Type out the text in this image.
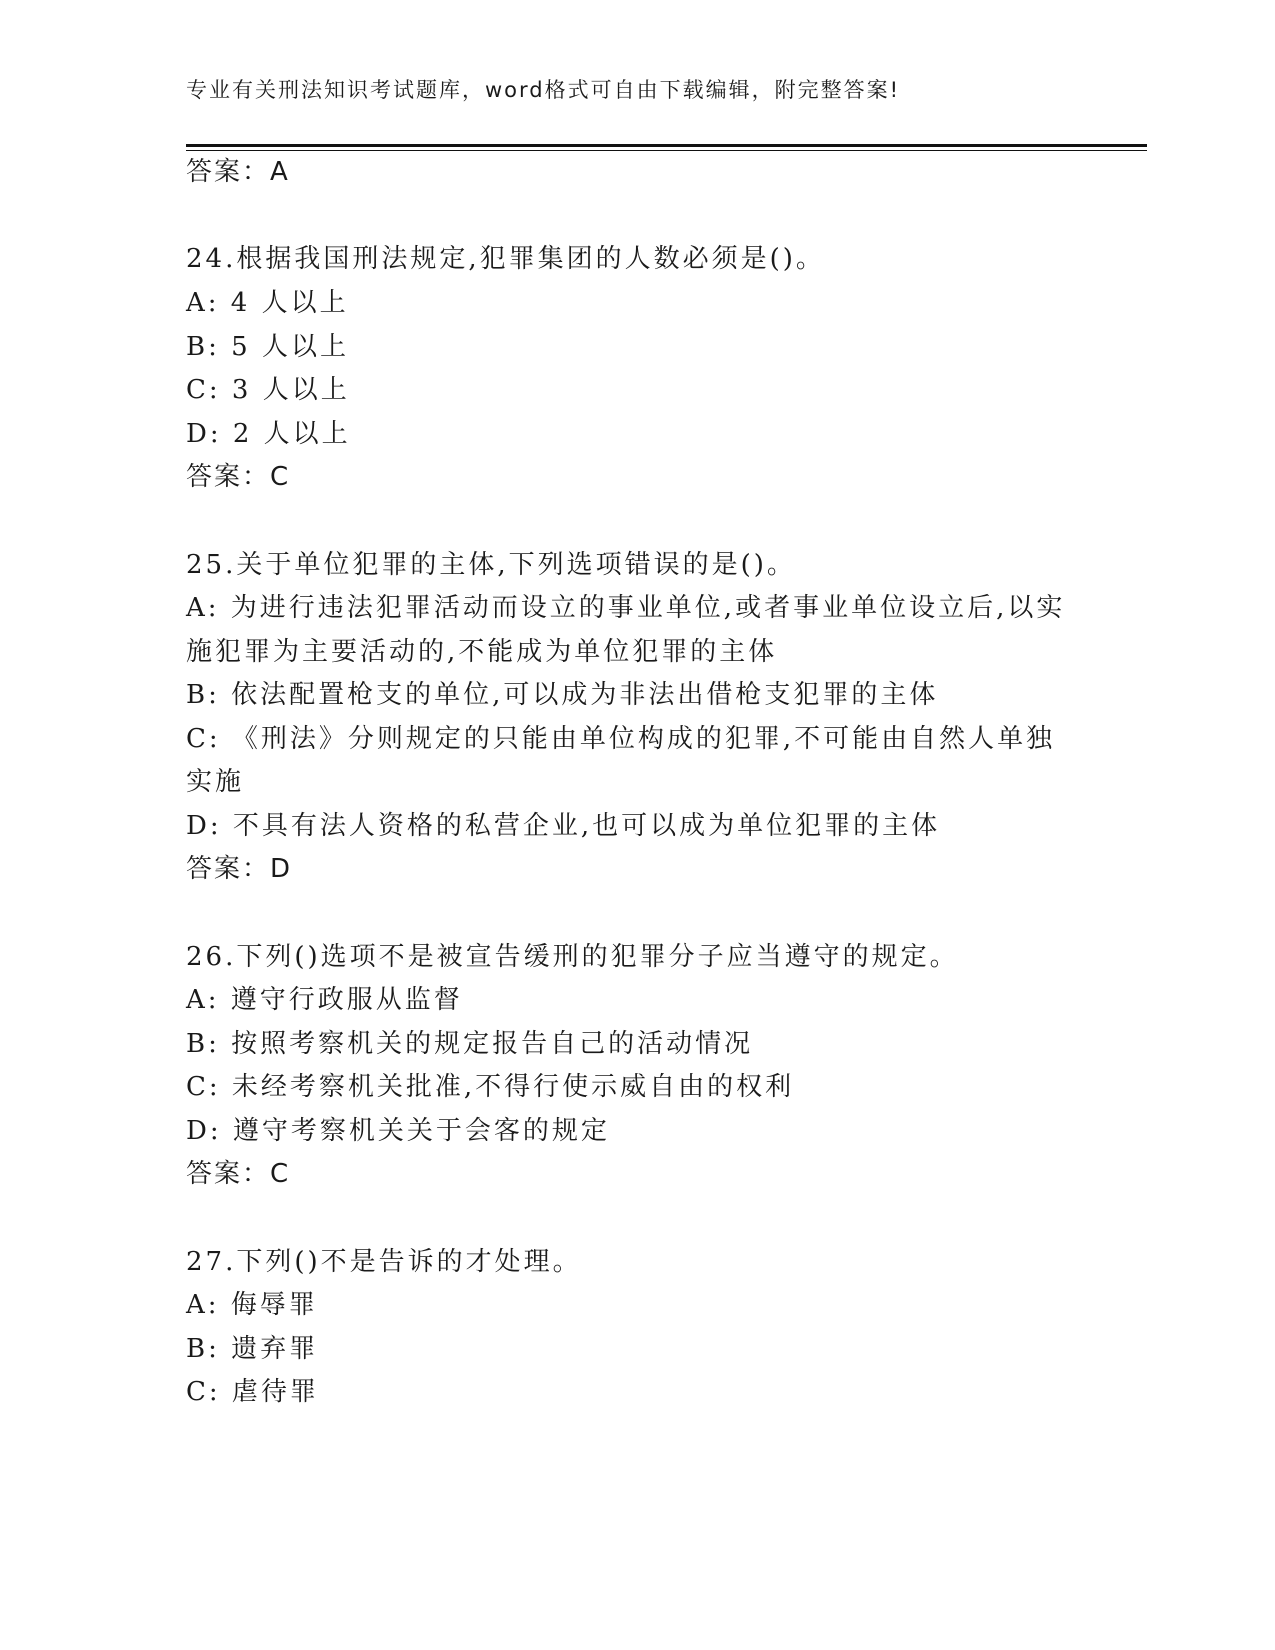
专业有关刑法知识考试题库，word格式可自由下载编辑，附完整答案!
答案：A
24.根据我国刑法规定,犯罪集团的人数必须是()。
A: 4 人以上
B: 5 人以上
C: 3 人以上
D: 2 人以上
答案：C
25.关于单位犯罪的主体,下列选项错误的是()。
A: 为进行违法犯罪活动而设立的事业单位,或者事业单位设立后,以实
施犯罪为主要活动的,不能成为单位犯罪的主体
B: 依法配置枪支的单位,可以成为非法出借枪支犯罪的主体
C: 《刑法》分则规定的只能由单位构成的犯罪,不可能由自然人单独
实施
D: 不具有法人资格的私营企业,也可以成为单位犯罪的主体
答案：D
26.下列()选项不是被宣告缓刑的犯罪分子应当遵守的规定。
A: 遵守行政服从监督
B: 按照考察机关的规定报告自己的活动情况
C: 未经考察机关批准,不得行使示威自由的权利
D: 遵守考察机关关于会客的规定
答案：C
27.下列()不是告诉的才处理。
A: 侮辱罪
B: 遗弃罪
C: 虐待罪
